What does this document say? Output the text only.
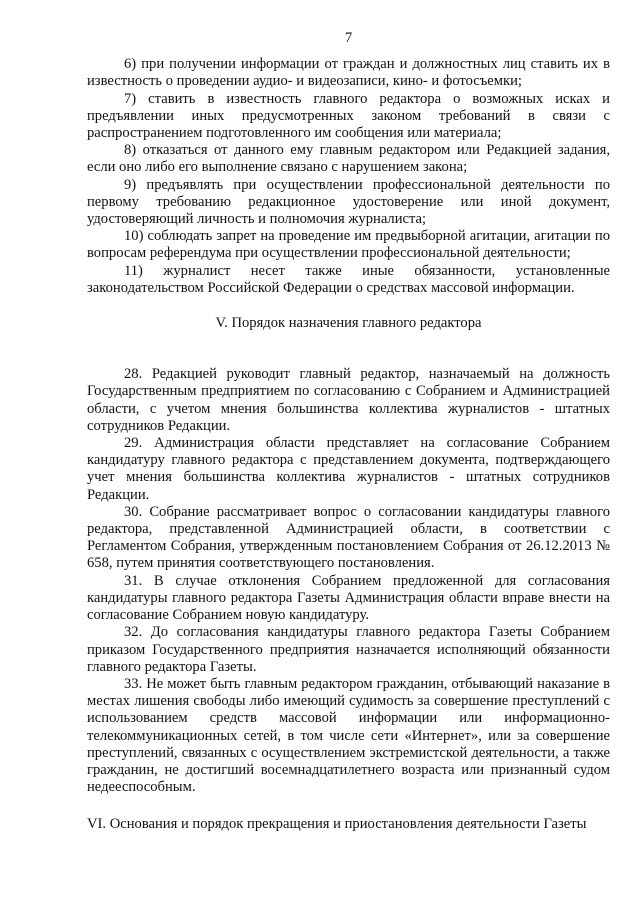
7

6) при получении информации от граждан и должностных лиц ставить их в известность о проведении аудио- и видеозаписи, кино- и фотосъемки;

7) ставить в известность главного редактора о возможных исках и предъявлении иных предусмотренных законом требований в связи с распространением подготовленного им сообщения или материала;

8) отказаться от данного ему главным редактором или Редакцией задания, если оно либо его выполнение связано с нарушением закона;

9) предъявлять при осуществлении профессиональной деятельности по первому требованию редакционное удостоверение или иной документ, удостоверяющий личность и полномочия журналиста;

10) соблюдать запрет на проведение им предвыборной агитации, агитации по вопросам референдума при осуществлении профессиональной деятельности;

11) журналист несет также иные обязанности, установленные законодательством Российской Федерации о средствах массовой информации.

V. Порядок назначения главного редактора

28. Редакцией руководит главный редактор, назначаемый на должность Государственным предприятием по согласованию с Собранием и Администрацией области, с учетом мнения большинства коллектива журналистов - штатных сотрудников Редакции.

29. Администрация области представляет на согласование Собранием кандидатуру главного редактора с представлением документа, подтверждающего учет мнения большинства коллектива журналистов - штатных сотрудников Редакции.

30. Собрание рассматривает вопрос о согласовании кандидатуры главного редактора, представленной Администрацией области, в соответствии с Регламентом Собрания, утвержденным постановлением Собрания от 26.12.2013 № 658, путем принятия соответствующего постановления.

31. В случае отклонения Собранием предложенной для согласования кандидатуры главного редактора Газеты Администрация области вправе внести на согласование Собранием новую кандидатуру.

32. До согласования кандидатуры главного редактора Газеты Собранием приказом Государственного предприятия назначается исполняющий обязанности главного редактора Газеты.

33. Не может быть главным редактором гражданин, отбывающий наказание в местах лишения свободы либо имеющий судимость за совершение преступлений с использованием средств массовой информации или информационно-телекоммуникационных сетей, в том числе сети «Интернет», или за совершение преступлений, связанных с осуществлением экстремистской деятельности, а также гражданин, не достигший восемнадцатилетнего возраста или признанный судом недееспособным.

VI. Основания и порядок прекращения и приостановления деятельности Газеты
